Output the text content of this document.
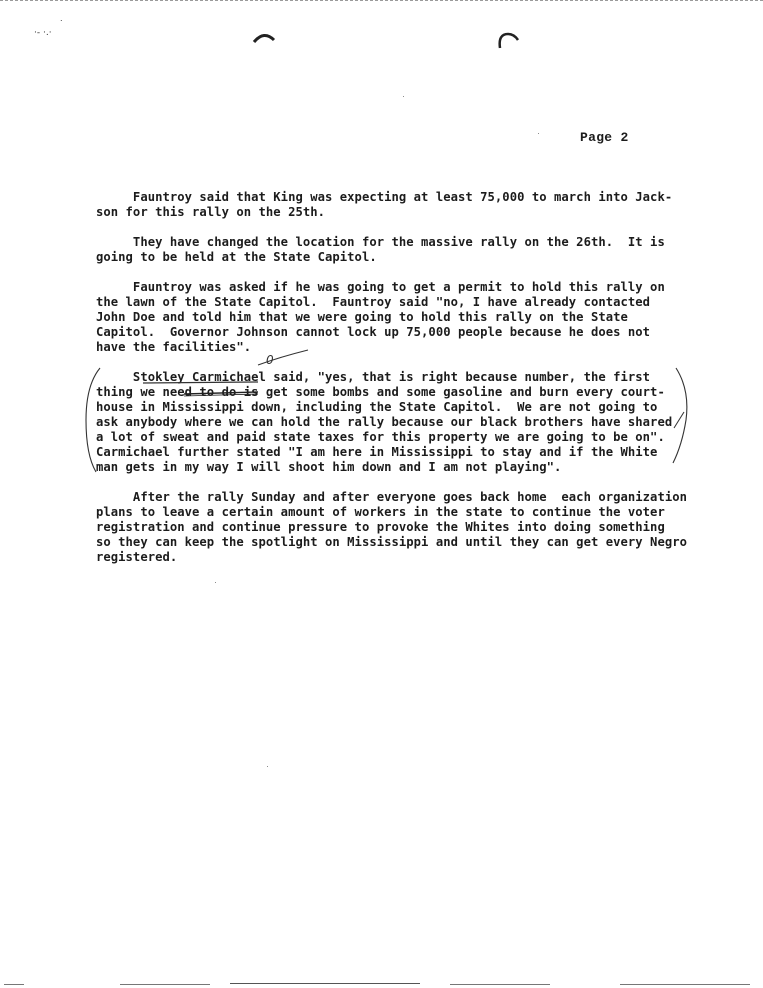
·- ·.·
.
Page 2
Fauntroy said that King was expecting at least 75,000 to march into Jack-
son for this rally on the 25th.
They have changed the location for the massive rally on the 26th.  It is
going to be held at the State Capitol.
Fauntroy was asked if he was going to get a permit to hold this rally on
the lawn of the State Capitol.  Fauntroy said "no, I have already contacted
John Doe and told him that we were going to hold this rally on the State
Capitol.  Governor Johnson cannot lock up 75,000 people because he does not
have the facilities".
Stokley Carmichael said, "yes, that is right because number, the first
thing we need to do is get some bombs and some gasoline and burn every court-
house in Mississippi down, including the State Capitol.  We are not going to
ask anybody where we can hold the rally because our black brothers have shared
a lot of sweat and paid state taxes for this property we are going to be on".
Carmichael further stated "I am here in Mississippi to stay and if the White
man gets in my way I will shoot him down and I am not playing".
After the rally Sunday and after everyone goes back home  each organization
plans to leave a certain amount of workers in the state to continue the voter
registration and continue pressure to provoke the Whites into doing something
so they can keep the spotlight on Mississippi and until they can get every Negro
registered.
0
